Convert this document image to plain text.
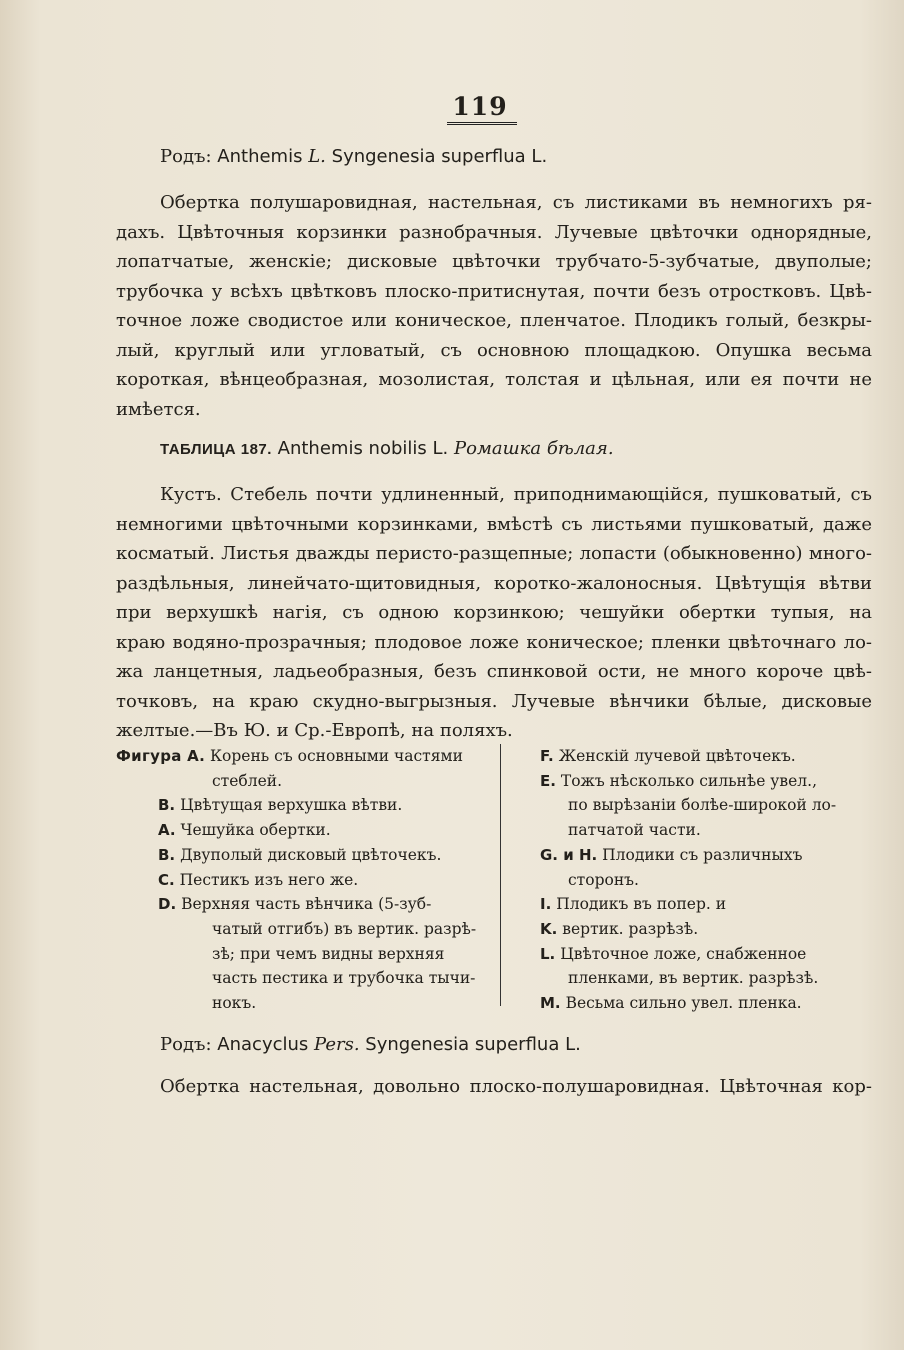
119
Родъ: Anthemis L. Syngenesia superflua L.
Обертка полушаровидная, настельная, съ листиками въ немногихъ ря-
дахъ. Цвѣточныя корзинки разнобрачныя. Лучевые цвѣточки однорядные,
лопатчатые, женскіе; дисковые цвѣточки трубчато-5-зубчатые, двуполые;
трубочка у всѣхъ цвѣтковъ плоско-притиснутая, почти безъ отростковъ. Цвѣ-
точное ложе сводистое или коническое, пленчатое. Плодикъ голый, безкры-
лый, круглый или угловатый, съ основною площадкою. Опушка весьма
короткая, вѣнцеобразная, мозолистая, толстая и цѣльная, или ея почти не
имѣется.
ТАБЛИЦА 187. Anthemis nobilis L. Ромашка бѣлая.
Кустъ. Стебель почти удлиненный, приподнимающійся, пушковатый, съ
немногими цвѣточными корзинками, вмѣстѣ съ листьями пушковатый, даже
косматый. Листья дважды перисто-разщепные; лопасти (обыкновенно) много-
раздѣльныя, линейчато-щитовидныя, коротко-жалоносныя. Цвѣтущія вѣтви
при верхушкѣ нагія, съ одною корзинкою; чешуйки обертки тупыя, на
краю водяно-прозрачныя; плодовое ложе коническое; пленки цвѣточнаго ло-
жа ланцетныя, ладьеобразныя, безъ спинковой ости, не много короче цвѣ-
точковъ, на краю скудно-выгрызныя. Лучевые вѣнчики бѣлые, дисковые
желтые.—Въ Ю. и Ср.-Европѣ, на поляхъ.
Фигура А. Корень съ основными частями
стеблей.
В. Цвѣтущая верхушка вѣтви.
A. Чешуйка обертки.
B. Двуполый дисковый цвѣточекъ.
C. Пестикъ изъ него же.
D. Верхняя часть вѣнчика (5-зуб-
чатый отгибъ) въ вертик. разрѣ-
зѣ; при чемъ видны верхняя
часть пестика и трубочка тычи-
нокъ.
F. Женскій лучевой цвѣточекъ.
E. Тожъ нѣсколько сильнѣе увел.,
по вырѣзаніи болѣе-широкой ло-
патчатой части.
G. и H. Плодики съ различныхъ
сторонъ.
I. Плодикъ въ попер. и
K. вертик. разрѣзѣ.
L. Цвѣточное ложе, снабженное
пленками, въ вертик. разрѣзѣ.
M. Весьма сильно увел. пленка.
Родъ: Anacyclus Pers. Syngenesia superflua L.
Обертка настельная, довольно плоско-полушаровидная. Цвѣточная кор-
